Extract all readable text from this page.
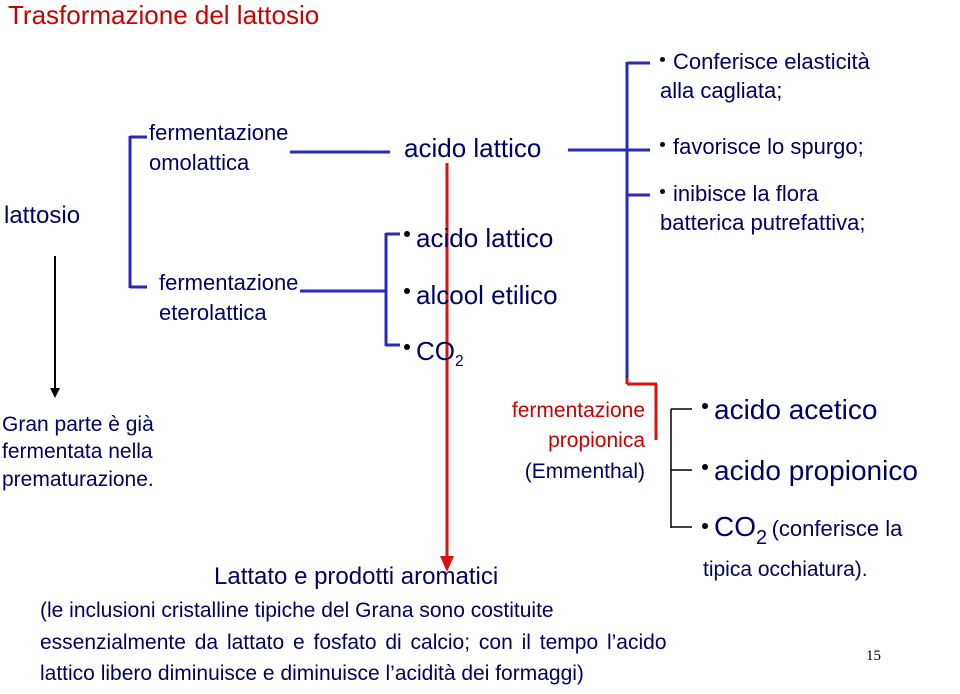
Trasformazione del lattosio
lattosio
fermentazione
omolattica
fermentazione
eterolattica
acido lattico
acido lattico
alcool etilico
$CO_2$
Conferisce elasticità
alla cagliata;
favorisce lo spurgo;
inibisce la flora
batterica putrefattiva;
Gran parte è già
fermentata nella
prematurazione.
fermentazione
propionica
(Emmenthal)
acido acetico
acido propionico
CO2 (conferisce la
tipica occhiatura).
Lattato e prodotti aromatici
(le inclusioni cristalline tipiche del Grana sono costituite
essenzialmente da lattato e fosfato di calcio; con il tempo l’acido
lattico libero diminuisce e diminuisce l’acidità dei formaggi)
15
